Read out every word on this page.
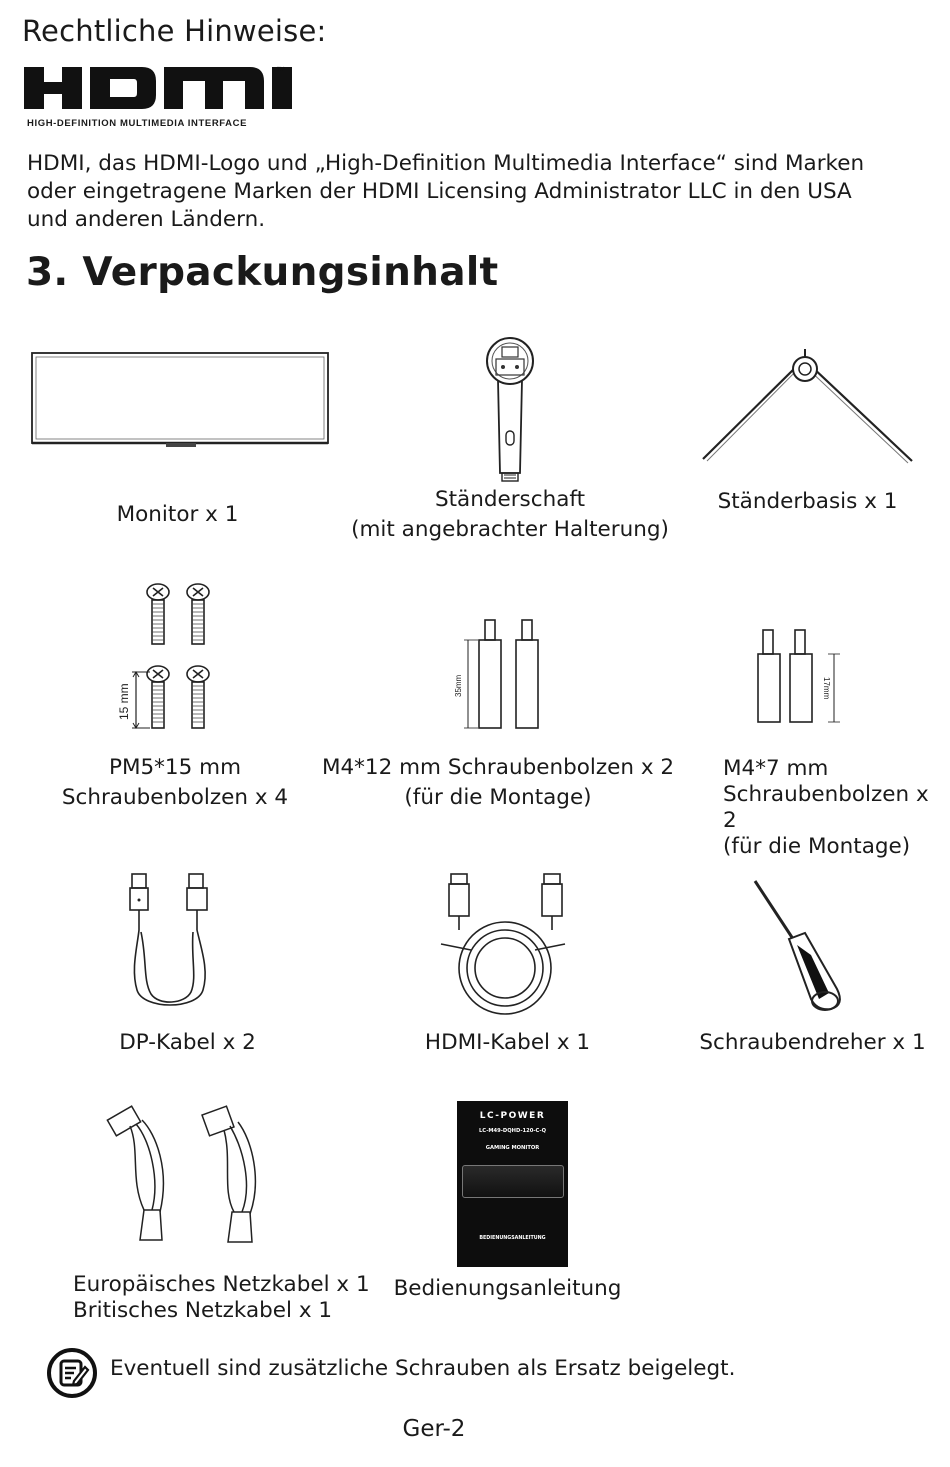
Rechtliche Hinweise:
™
HIGH-DEFINITION MULTIMEDIA INTERFACE
HDMI, das HDMI-Logo und „High-Definition Multimedia Interface“ sind Marken
oder eingetragene Marken der HDMI Licensing Administrator LLC in den USA
und anderen Ländern.
3. Verpackungsinhalt
Monitor x 1
Ständerschaft
(mit angebrachter Halterung)
Ständerbasis x 1
15 mm
PM5*15 mm
Schraubenbolzen x 4
35mm
M4*12 mm Schraubenbolzen x 2
(für die Montage)
17mm
M4*7 mm
Schraubenbolzen x 2
(für die Montage)
DP-Kabel x 2	HDMI-Kabel x 1	Schraubendreher x 1
Europäisches Netzkabel x 1
Britisches Netzkabel x 1
LC-POWER
LC-M49-DQHD-120-C-Q
GAMING MONITOR
BEDIENUNGSANLEITUNG
Bedienungsanleitung
Eventuell sind zusätzliche Schrauben als Ersatz beigelegt.
Ger-2
